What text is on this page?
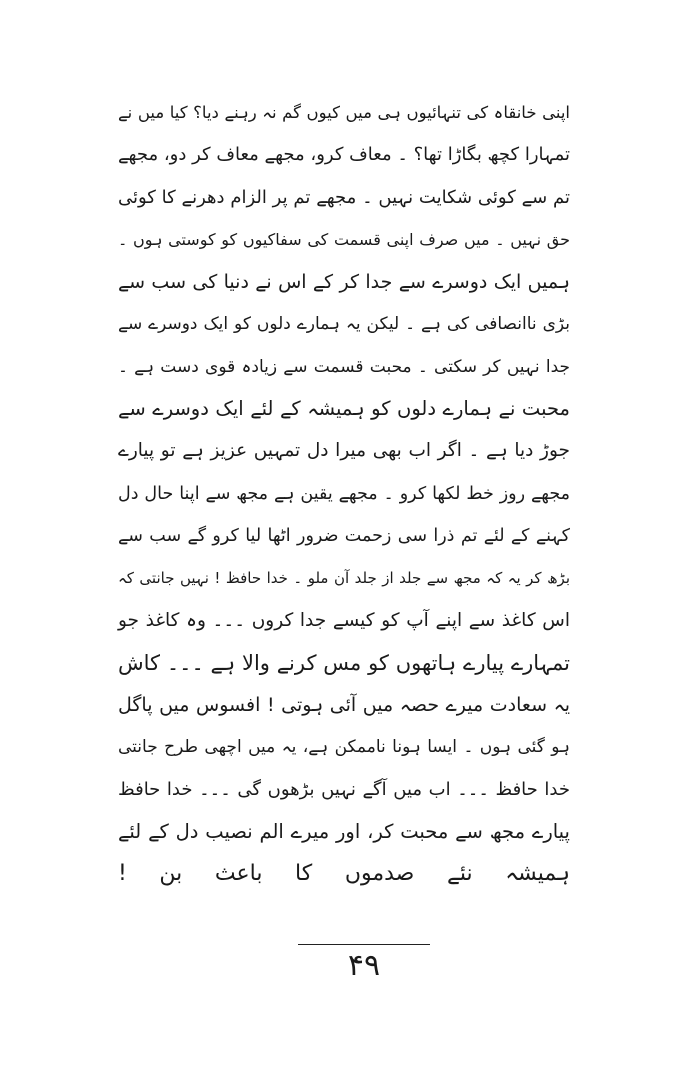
اپنی خانقاہ کی تنہائیوں ہی میں کیوں گم نہ رہنے دیا؟ کیا میں نے
تمہارا کچھ بگاڑا تھا؟ ۔ معاف کرو، مجھے معاف کر دو، مجھے
تم سے کوئی شکایت نہیں ۔ مجھے تم پر الزام دھرنے کا کوئی
حق نہیں ۔ میں صرف اپنی قسمت کی سفاکیوں کو کوستی ہوں ۔
ہمیں ایک دوسرے سے جدا کر کے اس نے دنیا کی سب سے
بڑی ناانصافی کی ہے ۔ لیکن یہ ہمارے دلوں کو ایک دوسرے سے
جدا نہیں کر سکتی ۔ محبت قسمت سے زیادہ قوی دست ہے ۔
محبت نے ہمارے دلوں کو ہمیشہ کے لئے ایک دوسرے سے
جوڑ دیا ہے ۔ اگر اب بھی میرا دل تمہیں عزیز ہے تو پیارے
مجھے روز خط لکھا کرو ۔ مجھے یقین ہے مجھ سے اپنا حال دل
کہنے کے لئے تم ذرا سی زحمت ضرور اٹھا لیا کرو گے سب سے
بڑھ کر یہ کہ مجھ سے جلد از جلد آن ملو ۔ خدا حافظ ! نہیں جانتی کہ
اس کاغذ سے اپنے آپ کو کیسے جدا کروں ۔۔۔ وہ کاغذ جو
تمہارے پیارے ہاتھوں کو مس کرنے والا ہے ۔۔۔ کاش
یہ سعادت میرے حصہ میں آئی ہوتی ! افسوس میں پاگل
ہو گئی ہوں ۔ ایسا ہونا ناممکن ہے، یہ میں اچھی طرح جانتی
خدا حافظ ۔۔۔ اب میں آگے نہیں بڑھوں گی ۔۔۔ خدا حافظ
پیارے مجھ سے محبت کر، اور میرے الم نصیب دل کے لئے
ہمیشہ نئے صدموں کا باعث بن !
۴۹
